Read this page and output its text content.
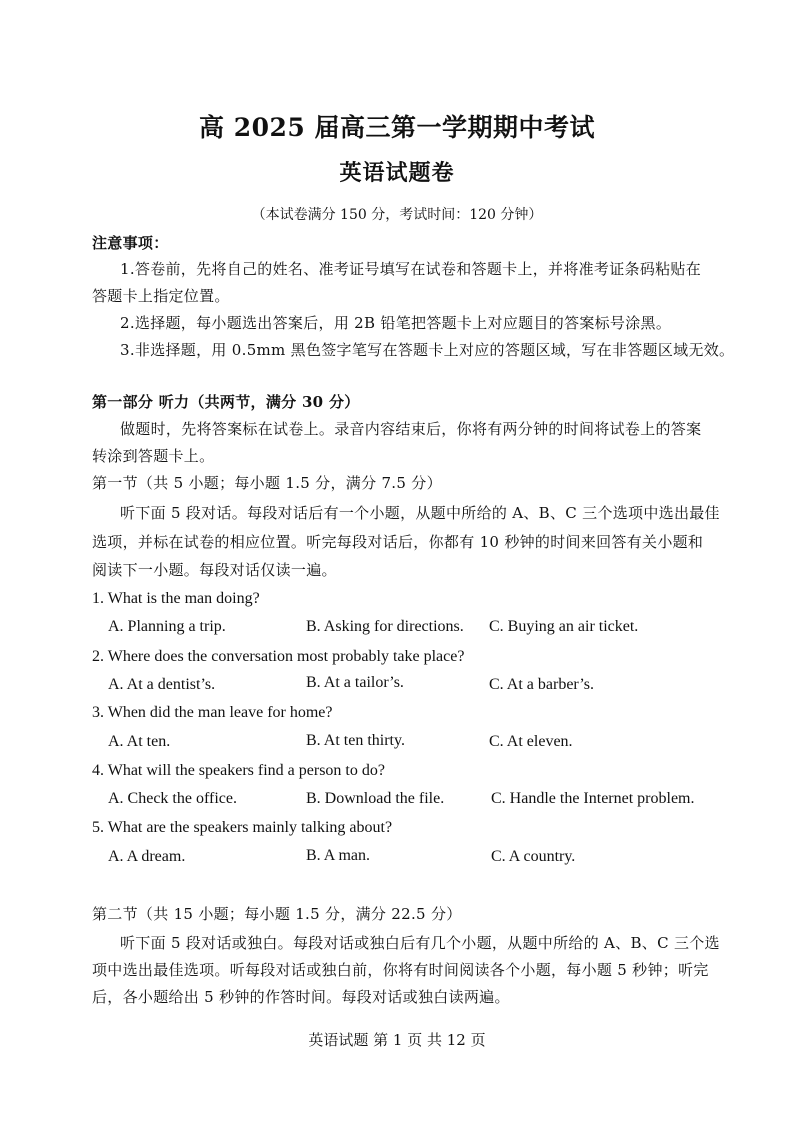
高 2025 届高三第一学期期中考试
英语试题卷
（本试卷满分 150 分，考试时间：120 分钟）
注意事项：
1.答卷前，先将自己的姓名、准考证号填写在试卷和答题卡上，并将准考证条码粘贴在
答题卡上指定位置。
2.选择题，每小题选出答案后，用 2B 铅笔把答题卡上对应题目的答案标号涂黑。
3.非选择题，用 0.5mm 黑色签字笔写在答题卡上对应的答题区域，写在非答题区域无效。
第一部分 听力（共两节，满分 30 分）
做题时，先将答案标在试卷上。录音内容结束后，你将有两分钟的时间将试卷上的答案
转涂到答题卡上。
第一节（共 5 小题；每小题 1.5 分，满分 7.5 分）
听下面 5 段对话。每段对话后有一个小题，从题中所给的 A、B、C 三个选项中选出最佳
选项，并标在试卷的相应位置。听完每段对话后，你都有 10 秒钟的时间来回答有关小题和
阅读下一小题。每段对话仅读一遍。
1. What is the man doing?
A. Planning a trip.	B. Asking for directions. C. Buying an air ticket.
2. Where does the conversation most probably take place?
A. At a dentist’s.	B. At a tailor’s.	C. At a barber’s.
3. When did the man leave for home?
A. At ten.	B. At ten thirty.	C. At eleven.
4. What will the speakers find a person to do?
A. Check the office.	B. Download the file.	C. Handle the Internet problem.
5. What are the speakers mainly talking about?
A. A dream.	B. A man.	C. A country.
第二节（共 15 小题；每小题 1.5 分，满分 22.5 分）
听下面 5 段对话或独白。每段对话或独白后有几个小题，从题中所给的 A、B、C 三个选
项中选出最佳选项。听每段对话或独白前，你将有时间阅读各个小题，每小题 5 秒钟；听完
后，各小题给出 5 秒钟的作答时间。每段对话或独白读两遍。
英语试题 第 1 页 共 12 页
